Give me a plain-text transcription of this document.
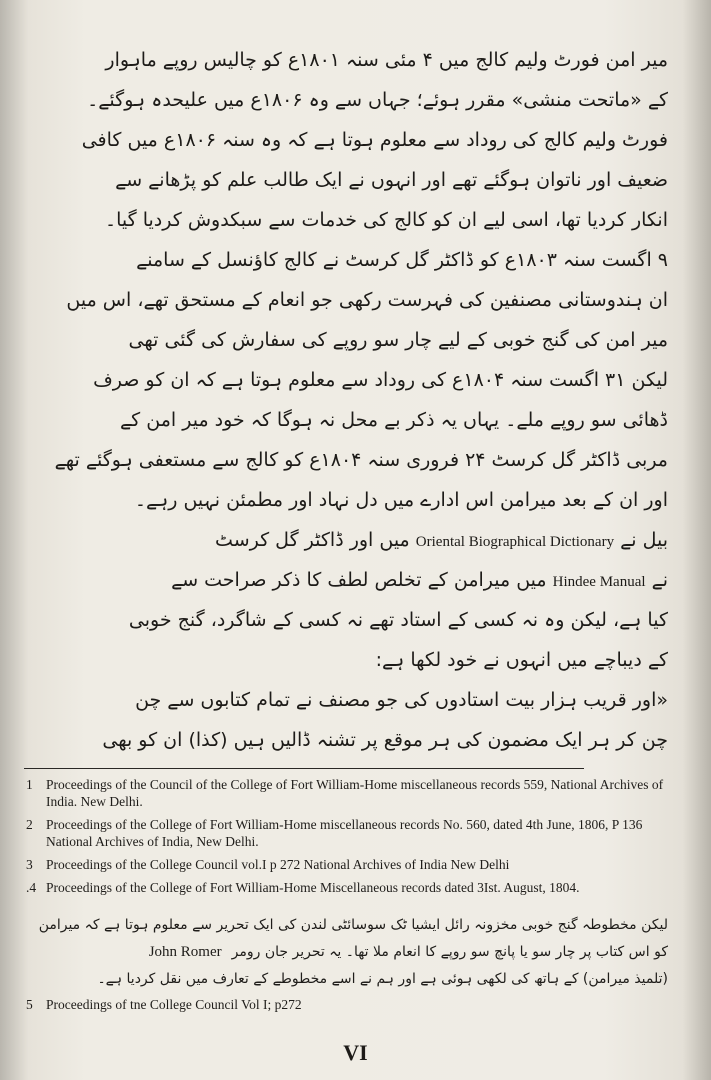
میر امن فورٹ ولیم کالج میں ۴ مئی سنہ ۱۸۰۱ع کو چالیس روپے ماہوار
کے «ماتحت منشی» مقرر ہوئے؛ جہاں سے وہ ۱۸۰۶ع میں علیحدہ ہوگئے۔
فورٹ ولیم کالج کی روداد سے معلوم ہوتا ہے کہ وہ سنہ ۱۸۰۶ع میں کافی
ضعیف اور ناتوان ہوگئے تھے اور انہوں نے ایک طالب علم کو پڑھانے سے
انکار کردیا تھا، اسی لیے ان کو کالج کی خدمات سے سبکدوش کردیا گیا۔
۹ اگست سنہ ۱۸۰۳ع کو ڈاکٹر گل کرسٹ نے کالج کاؤنسل کے سامنے
ان ہندوستانی مصنفین کی فہرست رکھی جو انعام کے مستحق تھے، اس میں
میر امن کی گنج خوبی کے لیے چار سو روپے کی سفارش کی گئی تھی
لیکن ۳۱ اگست سنہ ۱۸۰۴ع کی روداد سے معلوم ہوتا ہے کہ ان کو صرف
ڈھائی سو روپے ملے۔ یہاں یہ ذکر بے محل نہ ہوگا کہ خود میر امن کے
مربی ڈاکٹر گل کرسٹ ۲۴ فروری سنہ ۱۸۰۴ع کو کالج سے مستعفی ہوگئے تھے
اور ان کے بعد میرامن اس ادارے میں دل نہاد اور مطمئن نہیں رہے۔
بیل نے Oriental Biographical Dictionary میں اور ڈاکٹر گل کرسٹ
نے Hindee Manual میں میرامن کے تخلص لطف کا ذکر صراحت سے
کیا ہے، لیکن وہ نہ کسی کے استاد تھے نہ کسی کے شاگرد، گنج خوبی
کے دیباچے میں انہوں نے خود لکھا ہے:
«اور قریب ہزار بیت استادوں کی جو مصنف نے تمام کتابوں سے چن
چن کر ہر ایک مضمون کی ہر موقع پر تشنہ ڈالیں ہیں (کذا) ان کو بھی
1 Proceedings of the Council of the College of Fort William-Home miscellaneous records 559, National Archives of India. New Delhi.
2 Proceedings of the College of Fort William-Home miscellaneous records No. 560, dated 4th June, 1806, P 136 National Archives of India, New Delhi.
3 Proceedings of the College Council vol.I p 272 National Archives of India New Delhi
.4 Proceedings of the College of Fort William-Home Miscellaneous records dated 3Ist. August, 1804.
لیکن مخطوطہ گنج خوبی مخزونہ رائل ایشیا ٹک سوسائٹی لندن کی ایک تحریر سے معلوم ہوتا ہے کہ میرامن
کو اس کتاب پر چار سو یا پانچ سو روپے کا انعام ملا تھا۔ یہ تحریر جان رومرJohn Romer
(تلمیذ میرامن) کے ہاتھ کی لکھی ہوئی ہے اور ہم نے اسے مخطوطے کے تعارف میں نقل کردیا ہے۔
5 Proceedings of tne College Council Vol I; p272
VI
